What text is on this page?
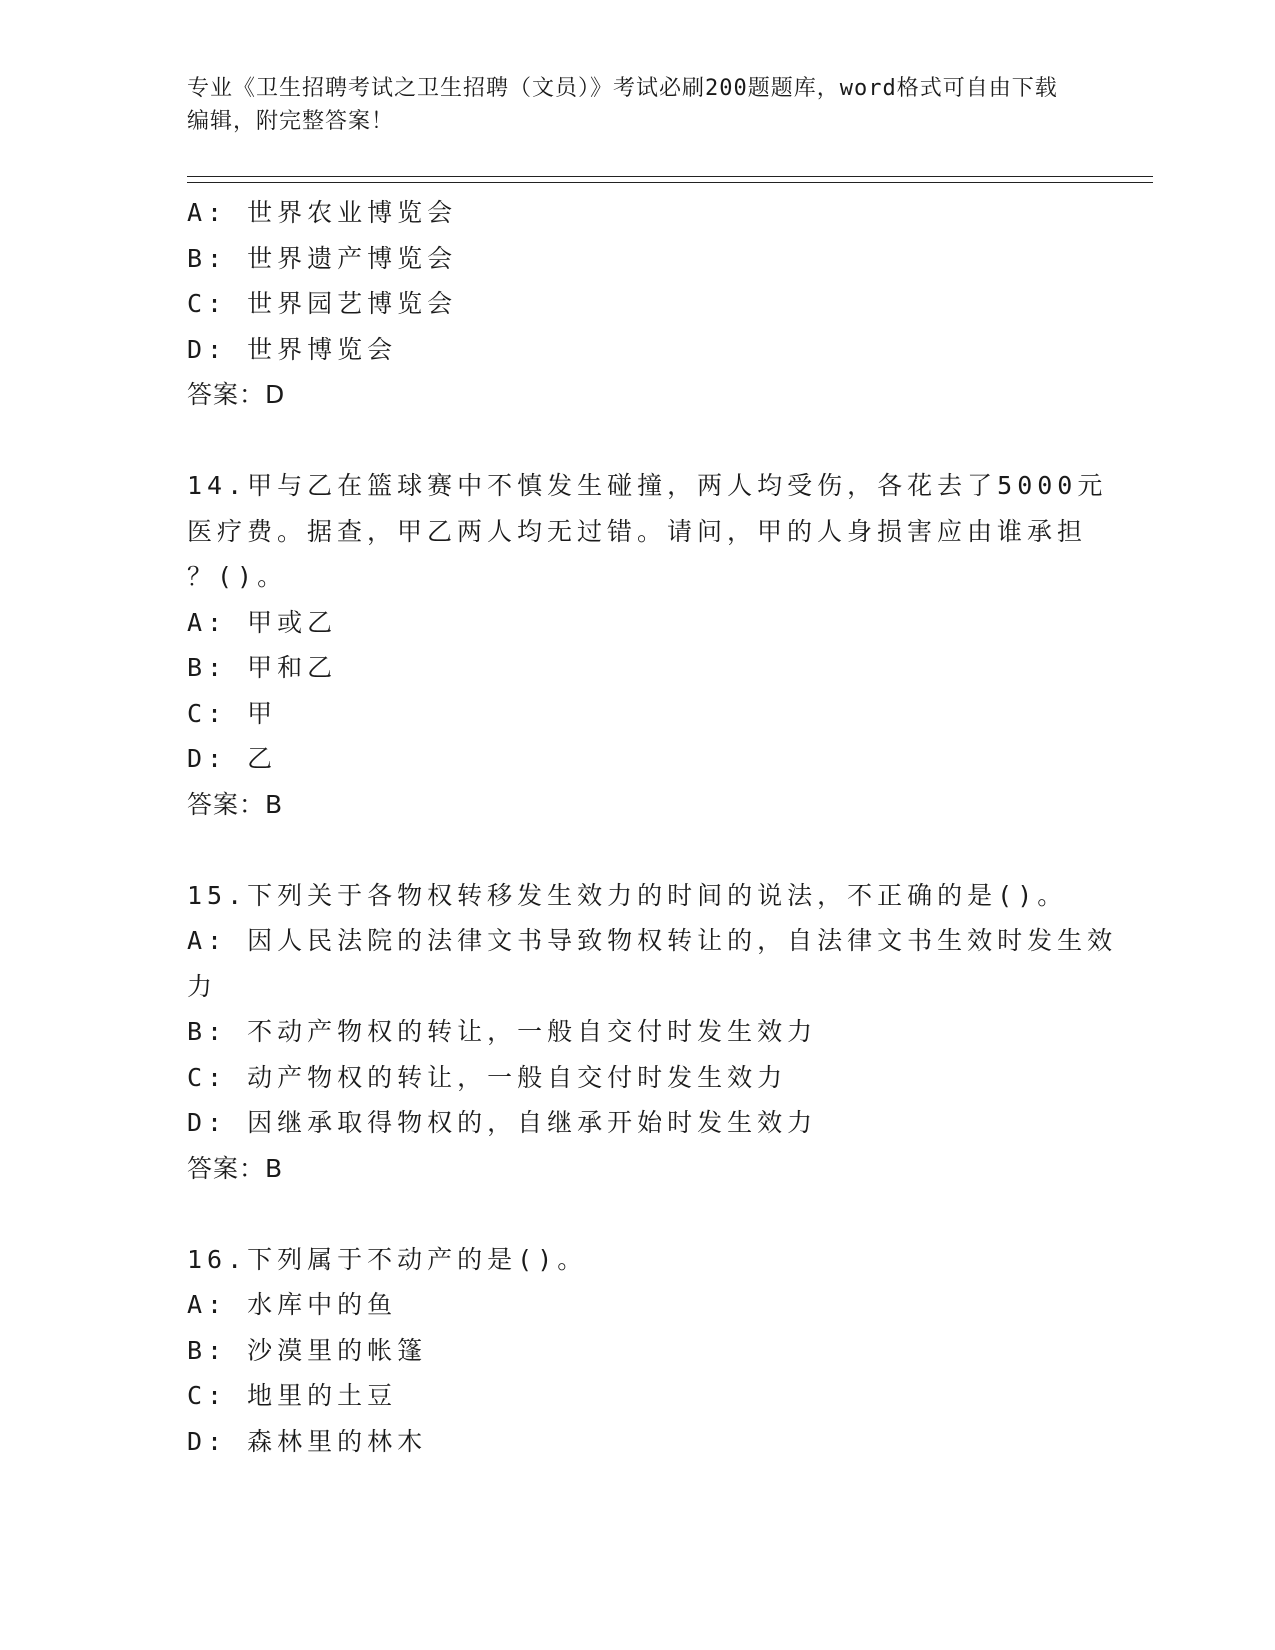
专业《卫生招聘考试之卫生招聘（文员）》考试必刷200题题库，word格式可自由下载编辑，附完整答案！
A: 世界农业博览会
B: 世界遗产博览会
C: 世界园艺博览会
D: 世界博览会
答案：D
14.甲与乙在篮球赛中不慎发生碰撞，两人均受伤，各花去了5000元
医疗费。据查，甲乙两人均无过错。请问，甲的人身损害应由谁承担
？()。
A: 甲或乙
B: 甲和乙
C: 甲
D: 乙
答案：B
15.下列关于各物权转移发生效力的时间的说法，不正确的是()。
A: 因人民法院的法律文书导致物权转让的，自法律文书生效时发生效
力
B: 不动产物权的转让，一般自交付时发生效力
C: 动产物权的转让，一般自交付时发生效力
D: 因继承取得物权的，自继承开始时发生效力
答案：B
16.下列属于不动产的是()。
A: 水库中的鱼
B: 沙漠里的帐篷
C: 地里的土豆
D: 森林里的林木
